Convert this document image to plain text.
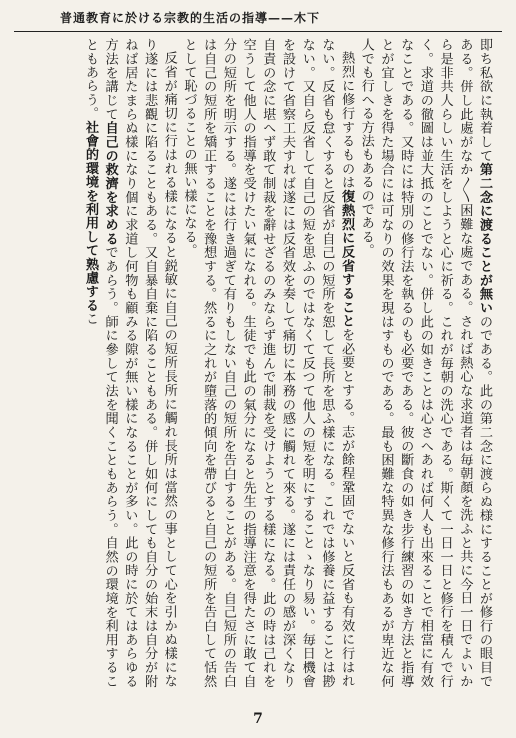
普通教育に於ける宗教的生活の指導——木下

即ち私欲に執着して第二念に渡ることが無いのである。此の第二念に渡らぬ様にすることが修行の眼目である。併し此處がなか〳〵困難な處である。されば熱心な求道者は毎朝顏を洗ふと共に今日一日でよいから是非共人らしい生活をしようと心に祈る。これが毎朝の洗心である。斯くて一日一日と修行を積んで行く。求道の徹圖は並大抵のことでない。併し此の如きことは心さへあれば何人も出來ることで相當に有效なことである。又時には特別の修行法を執るのも必要である。彼の斷食の如き步行練習の如き方法と指導とが宜しきを得た場合には可なりの效果を現はすものである。最も困難な特異な修行法もあるが卑近な何人でも行へる方法もあるのである。

熱烈に修行するものは復熱烈に反省することを必要とする。志が餘程鞏固でないと反省も有效に行はれない。反省も怠くすると反省が自己の短所を恕して長所を思ふ樣になる。これでは修養に益することは尠ない。又自ら反省して自己の短を思ふのではなくて反つて他人の短を明にすることゝなり易い。毎日機會を設けて省察工夫すれば遂には反省效を奏して痛切に本務の感に觸れて來る。遂には責任の感が深くなり自責の念に堪へず敢て制裁を辭せざるのみならず進んで制裁を受けようとする樣になる。此の時は己れを空うして他人の指導を受けたい氣になれる。生徒でも此の氣分になると先生の指導注意を得たさに敢て自分の短所を明示する。遂には行き過ぎて有りもしない自己の短所を告白することがある。自己短所の告白は自己の短所を矯正することを豫想する。然るに之れが墮落的傾向を帶びると自己の短所を告白して恬然として恥づることの無い樣になる。

反省が痛切に行はれる樣になると鋭敏に自己の短所長所に觸れ長所は當然の事として心を引かぬ樣になり遂には悲觀に陷ることもある。又自暴自棄に陷ることもある。併し如何にしても自分の始末は自分が附ねば居たまらぬ樣になり個に求道し何物も顧みる隙が無い樣になることが多い。此の時に於てはあらゆる方法を講じて自己の救濟を求めるであらう。師に參して法を聞くこともあらう。自然の環境を利用することもあらう。社會的環境を利用して熟慮するこ

7
